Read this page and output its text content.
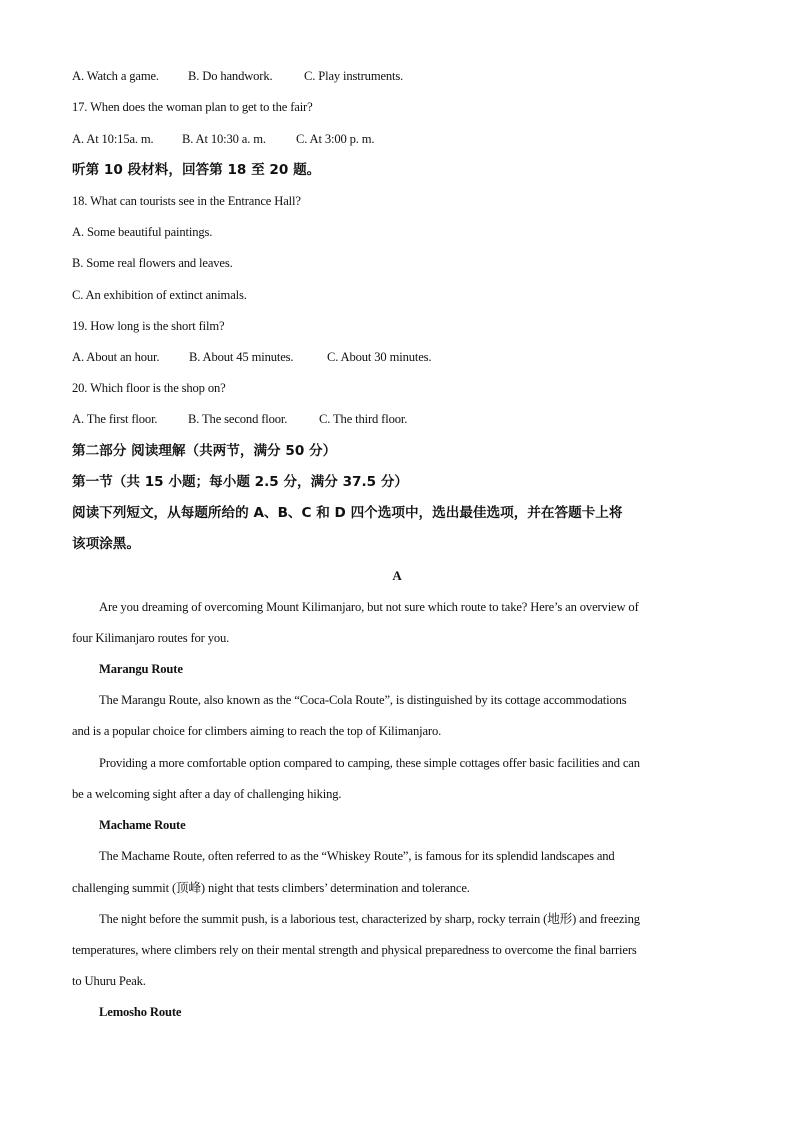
A. Watch a game. B. Do handwork.	C. Play instruments.
17. When does the woman plan to get to the fair?
A. At 10:15a. m. B. At 10:30 a. m. C. At 3:00 p. m.
听第 10 段材料，回答第 18 至 20 题。
18. What can tourists see in the Entrance Hall?
A. Some beautiful paintings.
B. Some real flowers and leaves.
C. An exhibition of extinct animals.
19. How long is the short film?
A. About an hour. B. About 45 minutes.	C. About 30 minutes.
20. Which floor is the shop on?
A. The first floor. B. The second floor.	C. The third floor.
第二部分 阅读理解（共两节，满分 50 分）
第一节（共 15 小题；每小题 2.5 分，满分 37.5 分）
阅读下列短文，从每题所给的 A、B、C 和 D 四个选项中，选出最佳选项，并在答题卡上将
该项涂黑。
A
Are you dreaming of overcoming Mount Kilimanjaro, but not sure which route to take? Here’s an overview of
four Kilimanjaro routes for you.
Marangu Route
The Marangu Route, also known as the “Coca-Cola Route”, is distinguished by its cottage accommodations
and is a popular choice for climbers aiming to reach the top of Kilimanjaro.
Providing a more comfortable option compared to camping, these simple cottages offer basic facilities and can
be a welcoming sight after a day of challenging hiking.
Machame Route
The Machame Route, often referred to as the “Whiskey Route”, is famous for its splendid landscapes and
challenging summit (顶峰) night that tests climbers’ determination and tolerance.
The night before the summit push, is a laborious test, characterized by sharp, rocky terrain (地形) and freezing
temperatures, where climbers rely on their mental strength and physical preparedness to overcome the final barriers
to Uhuru Peak.
Lemosho Route
